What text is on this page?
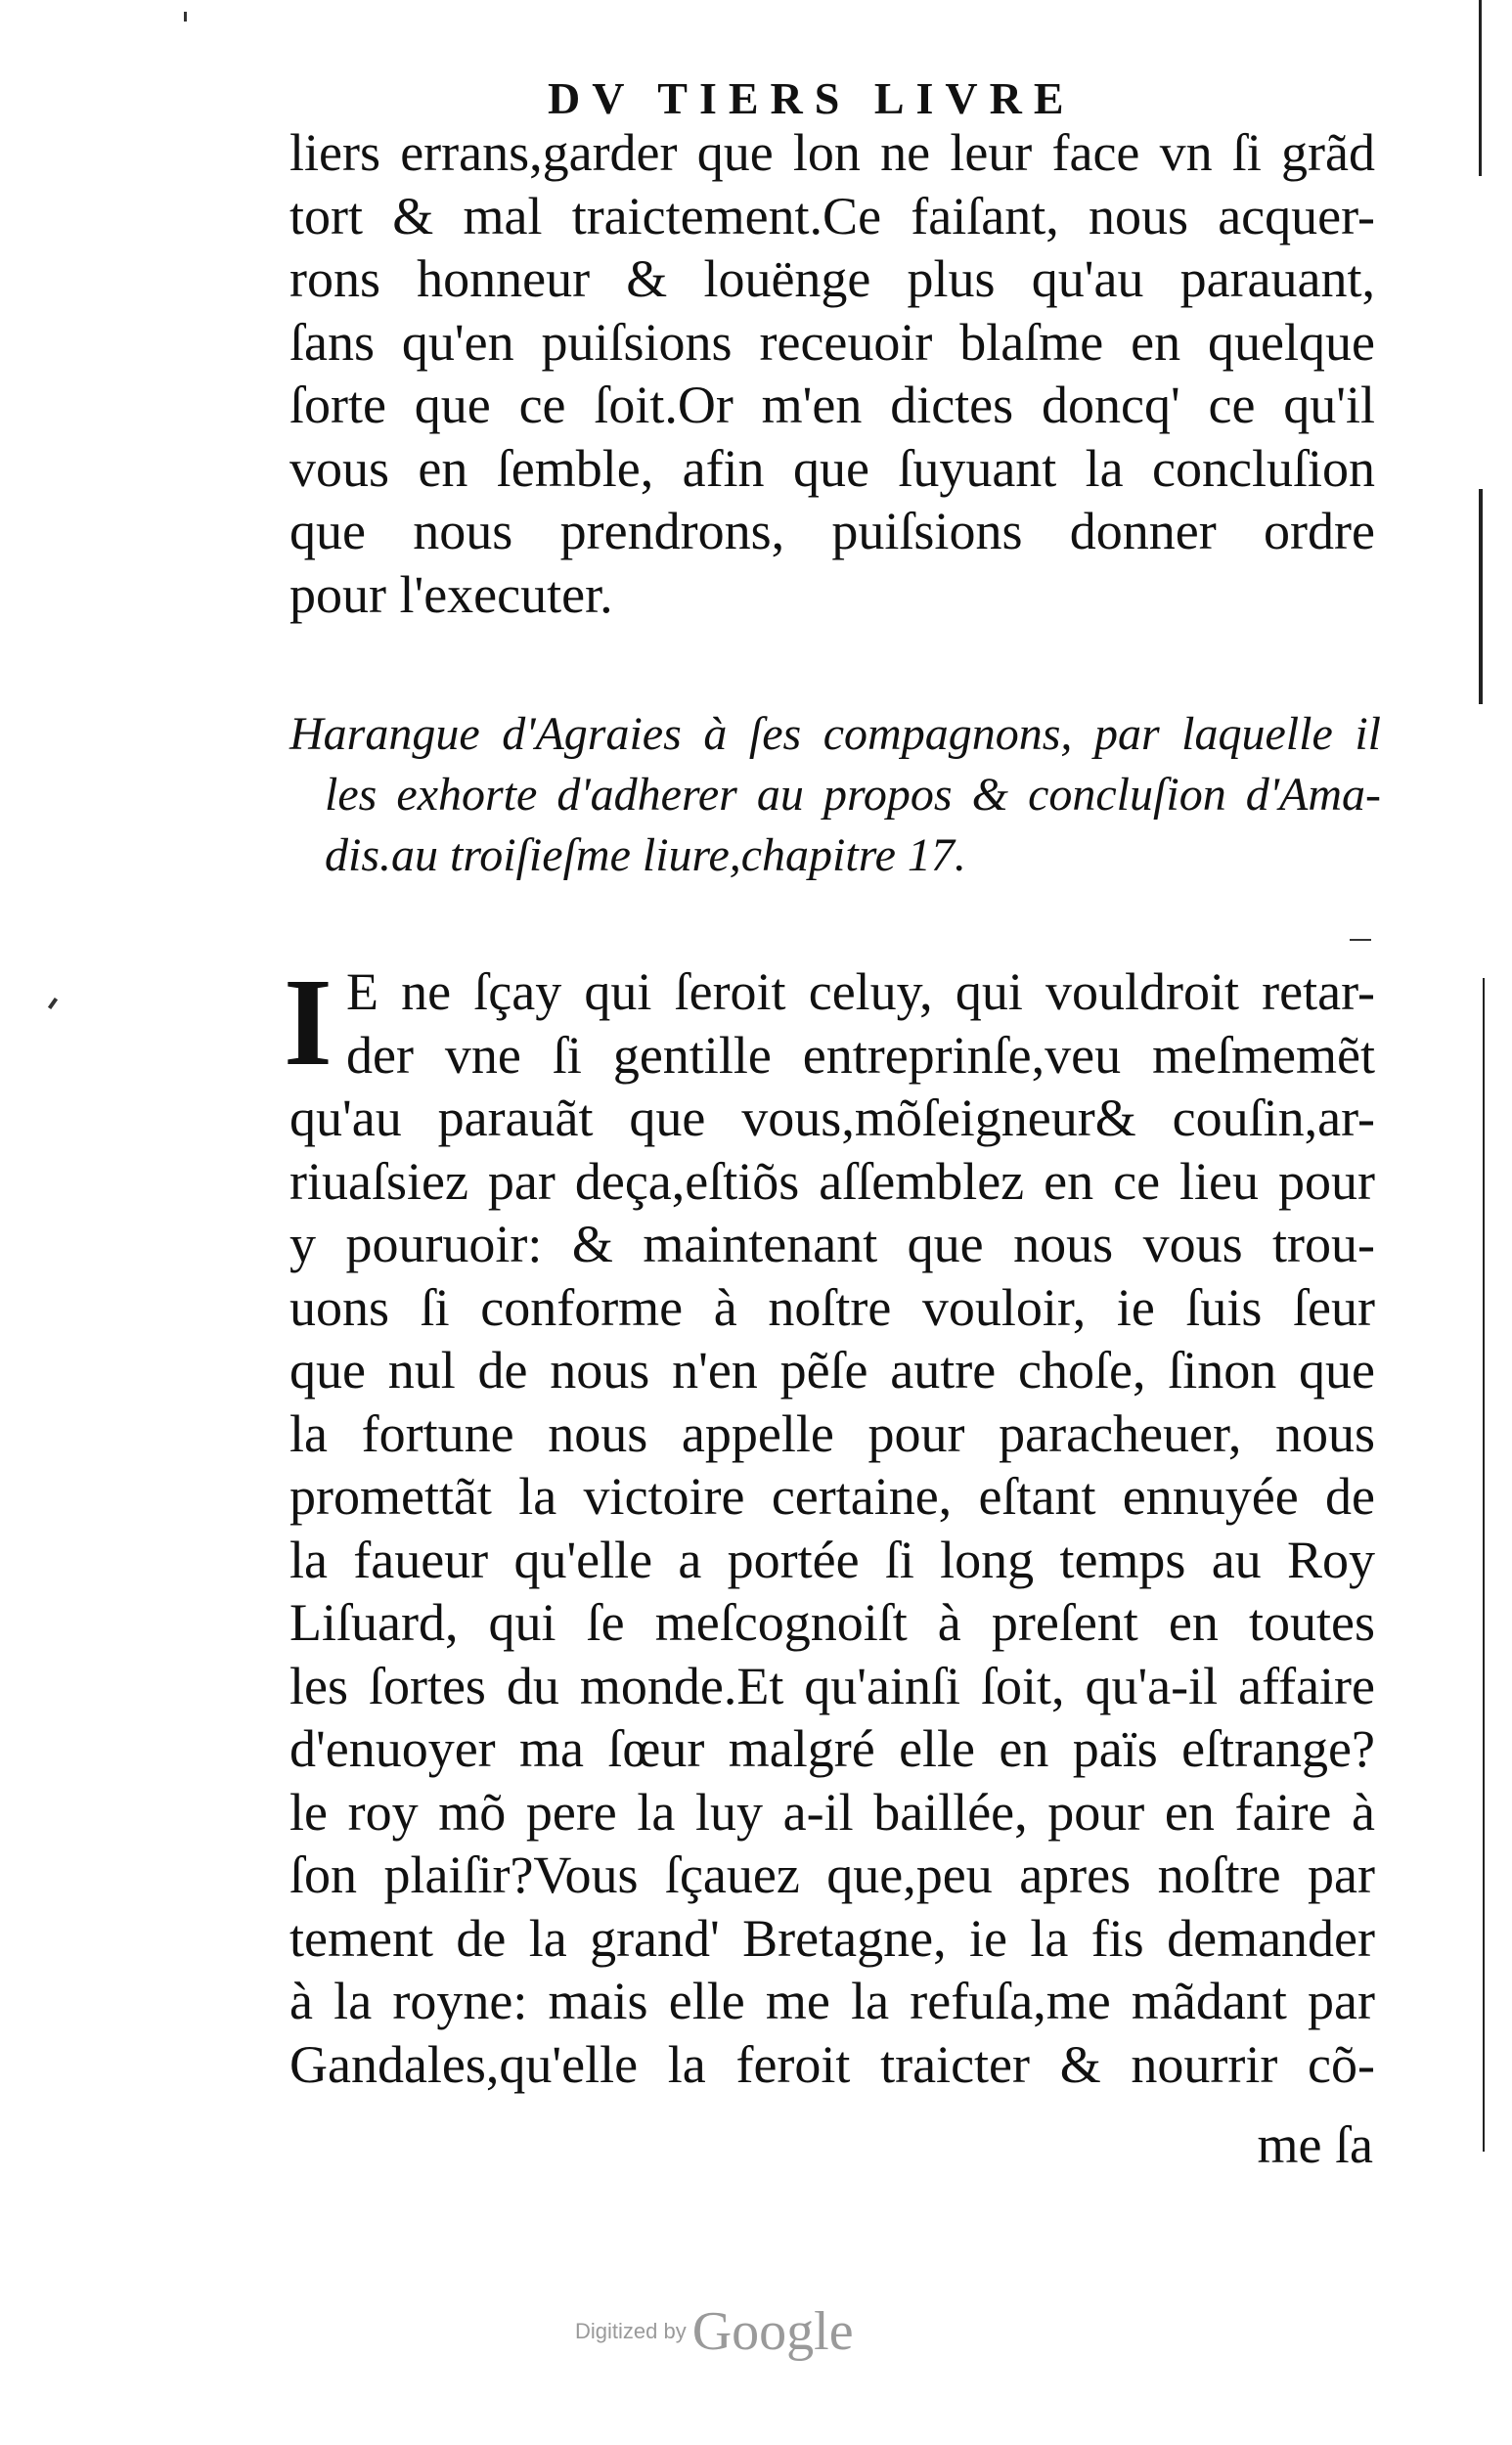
DV TIERS LIVRE
liers errans,garder que lon ne leur face vn ſi grãd
tort & mal traictement.Ce faiſant, nous acquer-
rons honneur & louënge plus qu'au parauant,
ſans qu'en puiſsions receuoir blaſme en quelque
ſorte que ce ſoit.Or m'en dictes doncq' ce qu'il
vous en ſemble, afin que ſuyuant la concluſion
que nous prendrons, puiſsions donner ordre
pour l'executer.
Harangue d'Agraies à ſes compagnons, par laquelle il
les exhorte d'adherer au propos & concluſion d'Ama-
dis.au troiſieſme liure,chapitre 17.
I E ne ſçay qui ſeroit celuy, qui vouldroit retar-
der vne ſi gentille entreprinſe,veu meſmemẽt
qu'au parauãt que vous,mõſeigneur& couſin,ar-
riuaſsiez par deça,eſtiõs aſſemblez en ce lieu pour
y pouruoir: & maintenant que nous vous trou-
uons ſi conforme à noſtre vouloir, ie ſuis ſeur
que nul de nous n'en pẽſe autre choſe, ſinon que
la fortune nous appelle pour paracheuer, nous
promettãt la victoire certaine, eſtant ennuyée de
la faueur qu'elle a portée ſi long temps au Roy
Liſuard, qui ſe meſcognoiſt à preſent en toutes
les ſortes du monde.Et qu'ainſi ſoit, qu'a-il affaire
d'enuoyer ma ſœur malgré elle en païs eſtrange?
le roy mõ pere la luy a-il baillée, pour en faire à
ſon plaiſir?Vous ſçauez que,peu apres noſtre par
tement de la grand' Bretagne, ie la fis demander
à la royne: mais elle me la refuſa,me mãdant par
Gandales,qu'elle la feroit traicter & nourrir cõ-
me ſa
Digitized by Google
